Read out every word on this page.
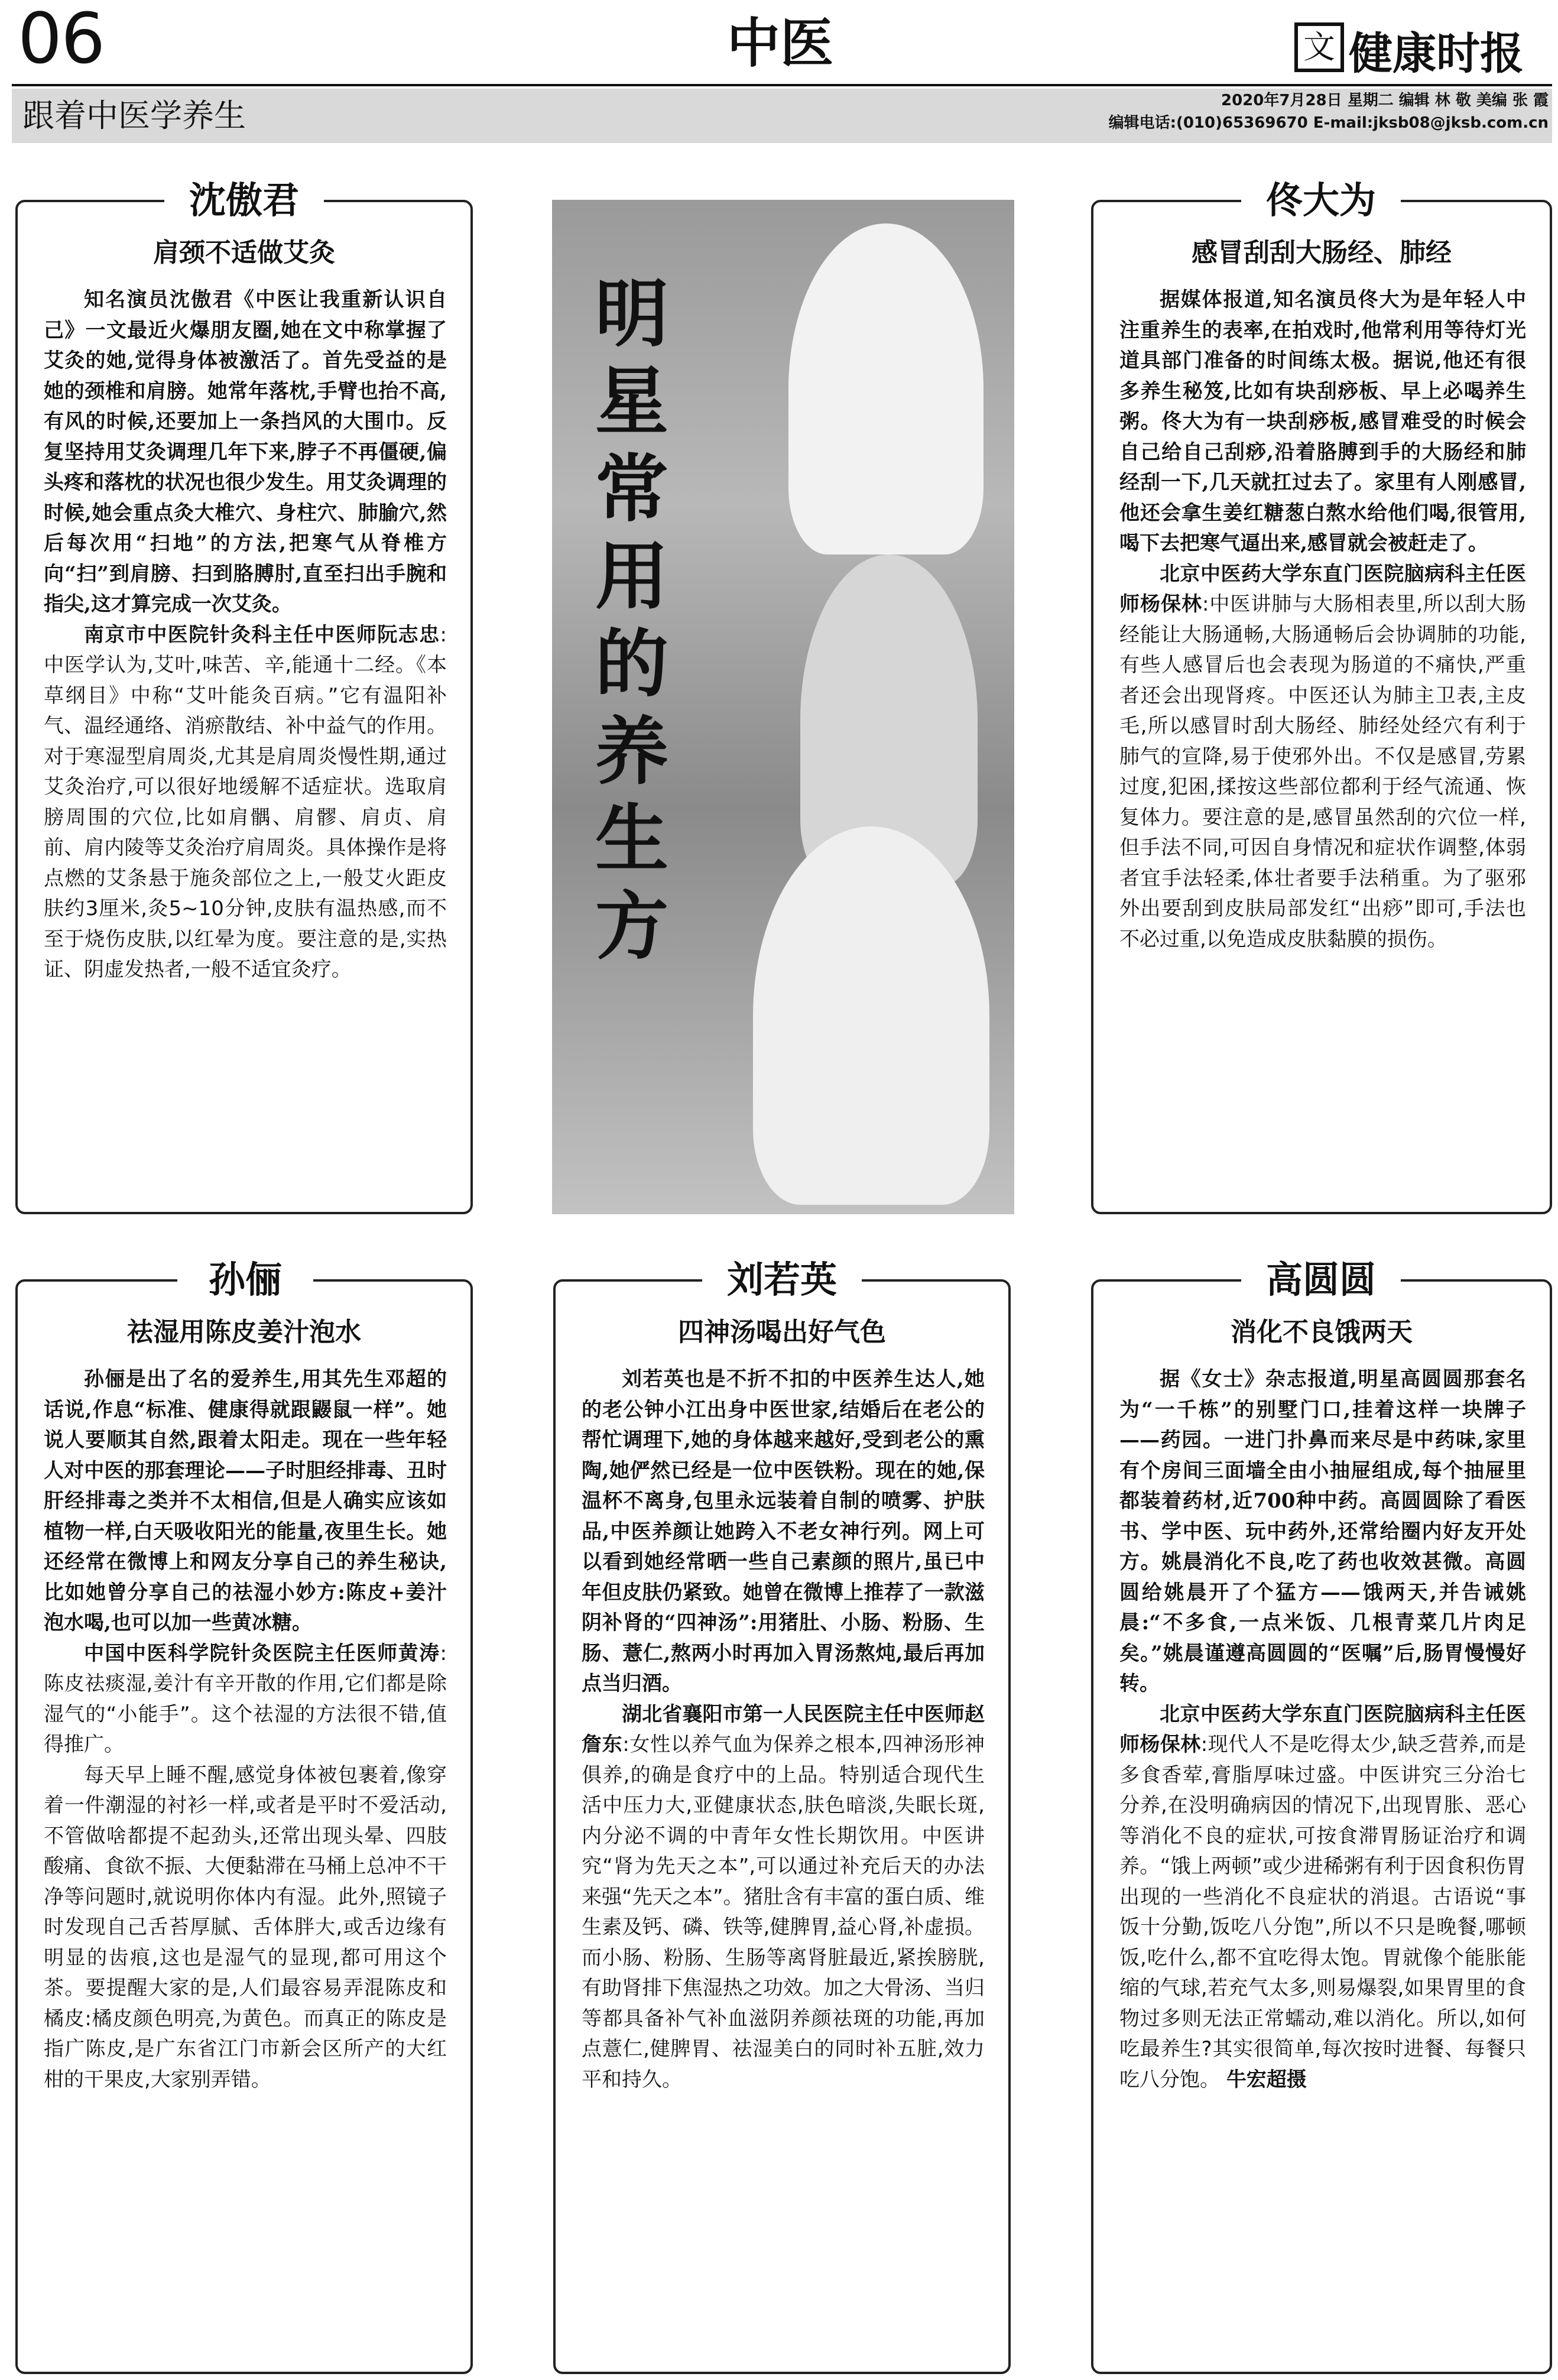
06	中医	文 健康时报
跟着中医学养生	2020年7月28日 星期二 编辑 林 敬 美编 张 霞
编辑电话:(010)65369670 E-mail:jksb08@jksb.com.cn
明
星
常
用
的
养
生
方
沈傲君
肩颈不适做艾灸

知名演员沈傲君《中医让我重新认识自己》一文最近火爆朋友圈,她在文中称掌握了艾灸的她,觉得身体被激活了。首先受益的是她的颈椎和肩膀。她常年落枕,手臂也抬不高,有风的时候,还要加上一条挡风的大围巾。反复坚持用艾灸调理几年下来,脖子不再僵硬,偏头疼和落枕的状况也很少发生。用艾灸调理的时候,她会重点灸大椎穴、身柱穴、肺腧穴,然后每次用“扫地”的方法,把寒气从脊椎方向“扫”到肩膀、扫到胳膊肘,直至扫出手腕和指尖,这才算完成一次艾灸。

南京市中医院针灸科主任中医师阮志忠:中医学认为,艾叶,味苦、辛,能通十二经。《本草纲目》中称“艾叶能灸百病。”它有温阳补气、温经通络、消瘀散结、补中益气的作用。对于寒湿型肩周炎,尤其是肩周炎慢性期,通过艾灸治疗,可以很好地缓解不适症状。选取肩膀周围的穴位,比如肩髃、肩髎、肩贞、肩前、肩内陵等艾灸治疗肩周炎。具体操作是将点燃的艾条悬于施灸部位之上,一般艾火距皮肤约3厘米,灸5~10分钟,皮肤有温热感,而不至于烧伤皮肤,以红晕为度。要注意的是,实热证、阴虚发热者,一般不适宜灸疗。

佟大为
感冒刮刮大肠经、肺经

据媒体报道,知名演员佟大为是年轻人中注重养生的表率,在拍戏时,他常利用等待灯光道具部门准备的时间练太极。据说,他还有很多养生秘笈,比如有块刮痧板、早上必喝养生粥。佟大为有一块刮痧板,感冒难受的时候会自己给自己刮痧,沿着胳膊到手的大肠经和肺经刮一下,几天就扛过去了。家里有人刚感冒,他还会拿生姜红糖葱白熬水给他们喝,很管用,喝下去把寒气逼出来,感冒就会被赶走了。

北京中医药大学东直门医院脑病科主任医师杨保林:中医讲肺与大肠相表里,所以刮大肠经能让大肠通畅,大肠通畅后会协调肺的功能,有些人感冒后也会表现为肠道的不痛快,严重者还会出现肾疼。中医还认为肺主卫表,主皮毛,所以感冒时刮大肠经、肺经处经穴有利于肺气的宣降,易于使邪外出。不仅是感冒,劳累过度,犯困,揉按这些部位都利于经气流通、恢复体力。要注意的是,感冒虽然刮的穴位一样,但手法不同,可因自身情况和症状作调整,体弱者宜手法轻柔,体壮者要手法稍重。为了驱邪外出要刮到皮肤局部发红“出痧”即可,手法也不必过重,以免造成皮肤黏膜的损伤。

孙俪
祛湿用陈皮姜汁泡水

孙俪是出了名的爱养生,用其先生邓超的话说,作息“标准、健康得就跟鼹鼠一样”。她说人要顺其自然,跟着太阳走。现在一些年轻人对中医的那套理论——子时胆经排毒、丑时肝经排毒之类并不太相信,但是人确实应该如植物一样,白天吸收阳光的能量,夜里生长。她还经常在微博上和网友分享自己的养生秘诀,比如她曾分享自己的祛湿小妙方:陈皮+姜汁泡水喝,也可以加一些黄冰糖。

中国中医科学院针灸医院主任医师黄涛:陈皮祛痰湿,姜汁有辛开散的作用,它们都是除湿气的“小能手”。这个祛湿的方法很不错,值得推广。

每天早上睡不醒,感觉身体被包裹着,像穿着一件潮湿的衬衫一样,或者是平时不爱活动,不管做啥都提不起劲头,还常出现头晕、四肢酸痛、食欲不振、大便黏滞在马桶上总冲不干净等问题时,就说明你体内有湿。此外,照镜子时发现自己舌苔厚腻、舌体胖大,或舌边缘有明显的齿痕,这也是湿气的显现,都可用这个茶。要提醒大家的是,人们最容易弄混陈皮和橘皮:橘皮颜色明亮,为黄色。而真正的陈皮是指广陈皮,是广东省江门市新会区所产的大红柑的干果皮,大家别弄错。

刘若英
四神汤喝出好气色

刘若英也是不折不扣的中医养生达人,她的老公钟小江出身中医世家,结婚后在老公的帮忙调理下,她的身体越来越好,受到老公的熏陶,她俨然已经是一位中医铁粉。现在的她,保温杯不离身,包里永远装着自制的喷雾、护肤品,中医养颜让她跨入不老女神行列。网上可以看到她经常晒一些自己素颜的照片,虽已中年但皮肤仍紧致。她曾在微博上推荐了一款滋阴补肾的“四神汤”:用猪肚、小肠、粉肠、生肠、薏仁,熬两小时再加入胃汤熬炖,最后再加点当归酒。

湖北省襄阳市第一人民医院主任中医师赵詹东:女性以养气血为保养之根本,四神汤形神俱养,的确是食疗中的上品。特别适合现代生活中压力大,亚健康状态,肤色暗淡,失眠长斑,内分泌不调的中青年女性长期饮用。中医讲究“肾为先天之本”,可以通过补充后天的办法来强“先天之本”。猪肚含有丰富的蛋白质、维生素及钙、磷、铁等,健脾胃,益心肾,补虚损。而小肠、粉肠、生肠等离肾脏最近,紧挨膀胱,有助肾排下焦湿热之功效。加之大骨汤、当归等都具备补气补血滋阴养颜祛斑的功能,再加点薏仁,健脾胃、祛湿美白的同时补五脏,效力平和持久。

高圆圆
消化不良饿两天

据《女士》杂志报道,明星高圆圆那套名为“一千栋”的别墅门口,挂着这样一块牌子——药园。一进门扑鼻而来尽是中药味,家里有个房间三面墙全由小抽屉组成,每个抽屉里都装着药材,近700种中药。高圆圆除了看医书、学中医、玩中药外,还常给圈内好友开处方。姚晨消化不良,吃了药也收效甚微。高圆圆给姚晨开了个猛方——饿两天,并告诫姚晨:“不多食,一点米饭、几根青菜几片肉足矣。”姚晨谨遵高圆圆的“医嘱”后,肠胃慢慢好转。

北京中医药大学东直门医院脑病科主任医师杨保林:现代人不是吃得太少,缺乏营养,而是多食香荤,膏脂厚味过盛。中医讲究三分治七分养,在没明确病因的情况下,出现胃胀、恶心等消化不良的症状,可按食滞胃肠证治疗和调养。“饿上两顿”或少进稀粥有利于因食积伤胃出现的一些消化不良症状的消退。古语说“事饭十分勤,饭吃八分饱”,所以不只是晚餐,哪顿饭,吃什么,都不宜吃得太饱。胃就像个能胀能缩的气球,若充气太多,则易爆裂,如果胃里的食物过多则无法正常蠕动,难以消化。所以,如何吃最养生?其实很简单,每次按时进餐、每餐只吃八分饱。 牛宏超摄
